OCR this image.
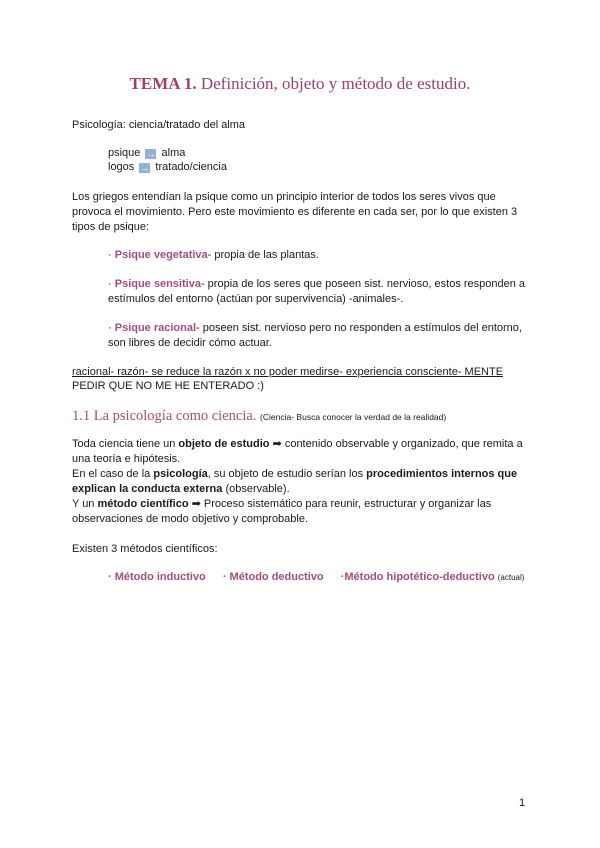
TEMA 1. Definición, objeto y método de estudio.
Psicología: ciencia/tratado del alma
psique → alma
logos → tratado/ciencia
Los griegos entendían la psique como un principio interior de todos los seres vivos que provoca el movimiento. Pero este movimiento es diferente en cada ser, por lo que existen 3 tipos de psique:
· Psique vegetativa- propia de las plantas.
· Psique sensitiva- propia de los seres que poseen sist. nervioso, estos responden a estímulos del entorno (actúan por supervivencia) -animales-.
· Psique racional- poseen sist. nervioso pero no responden a estímulos del entorno, son libres de decidir cómo actuar.
racional- razón- se reduce la razón x no poder medirse- experiencia consciente- MENTE
PEDIR QUE NO ME HE ENTERADO :)
1.1 La psicología como ciencia. (Ciencia- Busca conocer la verdad de la realidad)
Toda ciencia tiene un objeto de estudio ➡ contenido observable y organizado, que remita a una teoría e hipótesis.
En el caso de la psicología, su objeto de estudio serían los procedimientos internos que explican la conducta externa (observable).
Y un método científico ➡ Proceso sistemático para reunir, estructurar y organizar las observaciones de modo objetivo y comprobable.
Existen 3 métodos científicos:
· Método inductivo · Método deductivo ·Método hipotético-deductivo (actual)
1
